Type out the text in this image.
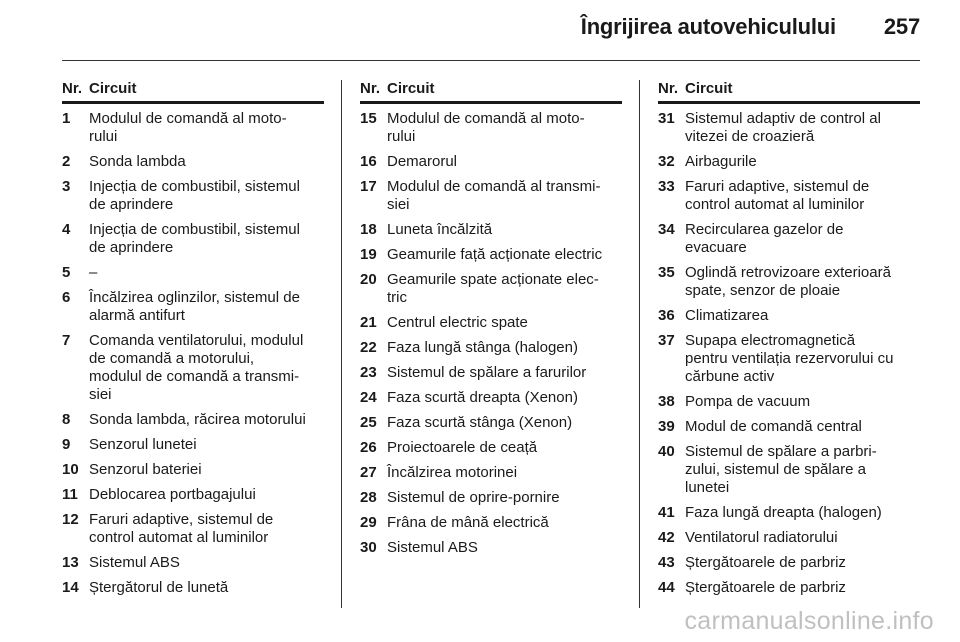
Îngrijirea autovehiculului 257
Nr. Circuit
1	Modulul de comandă al moto-
rului
2	Sonda lambda
3	Injecția de combustibil, sistemul
de aprindere
4	Injecția de combustibil, sistemul
de aprindere
5	–
6	Încălzirea oglinzilor, sistemul de
alarmă antifurt
7	Comanda ventilatorului, modulul
de comandă a motorului,
modulul de comandă a transmi-
siei
8	Sonda lambda, răcirea motorului
9	Senzorul lunetei
10 Senzorul bateriei
11 Deblocarea portbagajului
12 Faruri adaptive, sistemul de
control automat al luminilor
13 Sistemul ABS
14 Ștergătorul de lunetă
Nr. Circuit
15 Modulul de comandă al moto-
rului
16 Demarorul
17 Modulul de comandă al transmi-
siei
18 Luneta încălzită
19 Geamurile față acționate electric
20 Geamurile spate acționate elec-
tric
21 Centrul electric spate
22 Faza lungă stânga (halogen)
23 Sistemul de spălare a farurilor
24 Faza scurtă dreapta (Xenon)
25 Faza scurtă stânga (Xenon)
26 Proiectoarele de ceață
27 Încălzirea motorinei
28 Sistemul de oprire-pornire
29 Frâna de mână electrică
30 Sistemul ABS
Nr. Circuit
31 Sistemul adaptiv de control al
vitezei de croazieră
32 Airbagurile
33 Faruri adaptive, sistemul de
control automat al luminilor
34 Recircularea gazelor de
evacuare
35 Oglindă retrovizoare exterioară
spate, senzor de ploaie
36 Climatizarea
37 Supapa electromagnetică
pentru ventilația rezervorului cu
cărbune activ
38 Pompa de vacuum
39 Modul de comandă central
40 Sistemul de spălare a parbri-
zului, sistemul de spălare a
lunetei
41 Faza lungă dreapta (halogen)
42 Ventilatorul radiatorului
43 Ștergătoarele de parbriz
44 Ștergătoarele de parbriz
carmanualsonline.info
